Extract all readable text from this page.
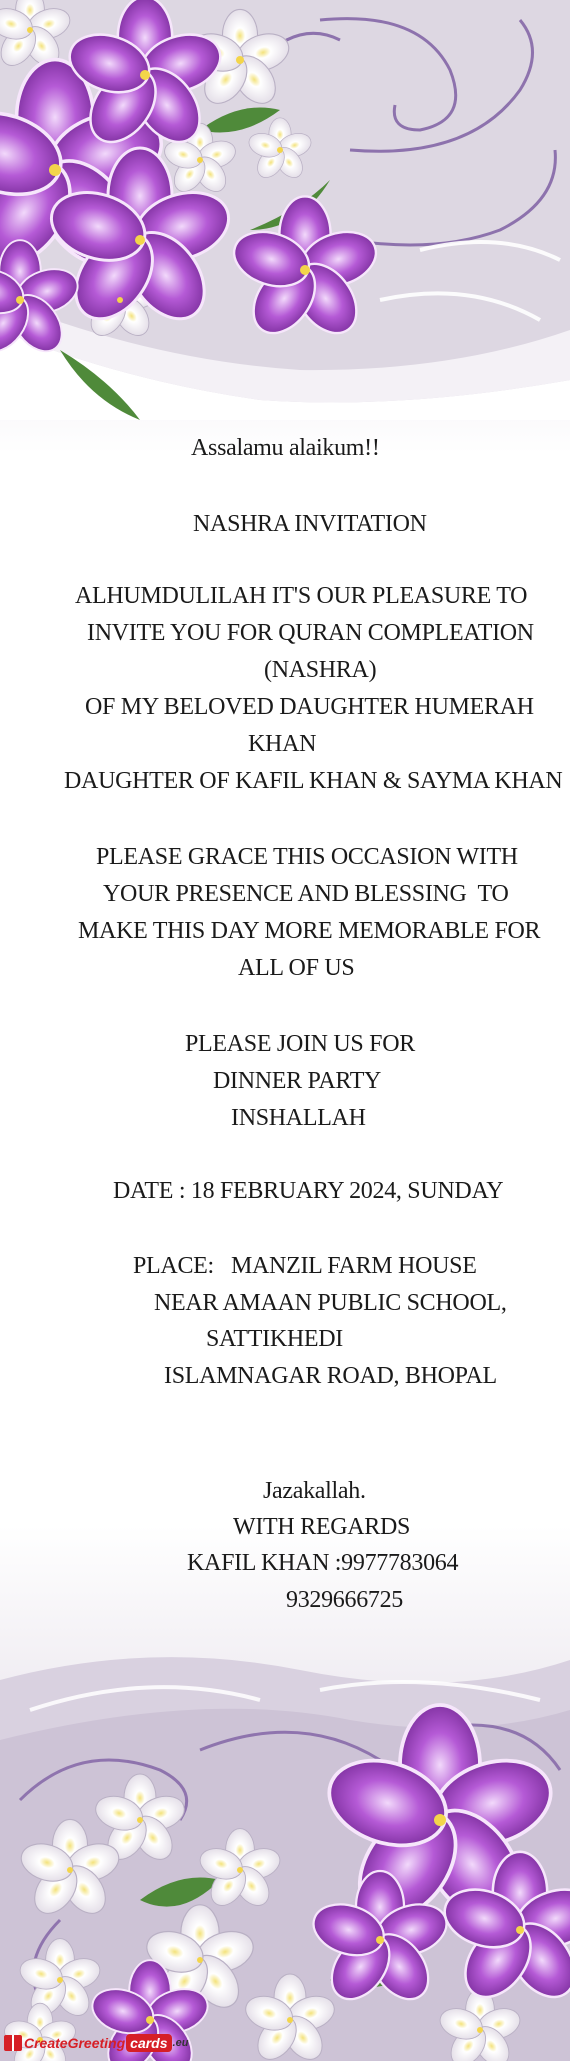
Assalamu alaikum!!
NASHRA INVITATION
ALHUMDULILAH IT'S OUR PLEASURE TO
INVITE YOU FOR QURAN COMPLEATION
(NASHRA)
OF MY BELOVED DAUGHTER HUMERAH
KHAN
DAUGHTER OF KAFIL KHAN & SAYMA KHAN
PLEASE GRACE THIS OCCASION WITH
YOUR PRESENCE AND BLESSING  TO
MAKE THIS DAY MORE MEMORABLE FOR
ALL OF US
PLEASE JOIN US FOR
DINNER PARTY
INSHALLAH
DATE : 18 FEBRUARY 2024, SUNDAY
PLACE:   MANZIL FARM HOUSE
NEAR AMAAN PUBLIC SCHOOL,
SATTIKHEDI
ISLAMNAGAR ROAD, BHOPAL
Jazakallah.
WITH REGARDS
KAFIL KHAN :9977783064
9329666725
CreateGreeting cards .eu
